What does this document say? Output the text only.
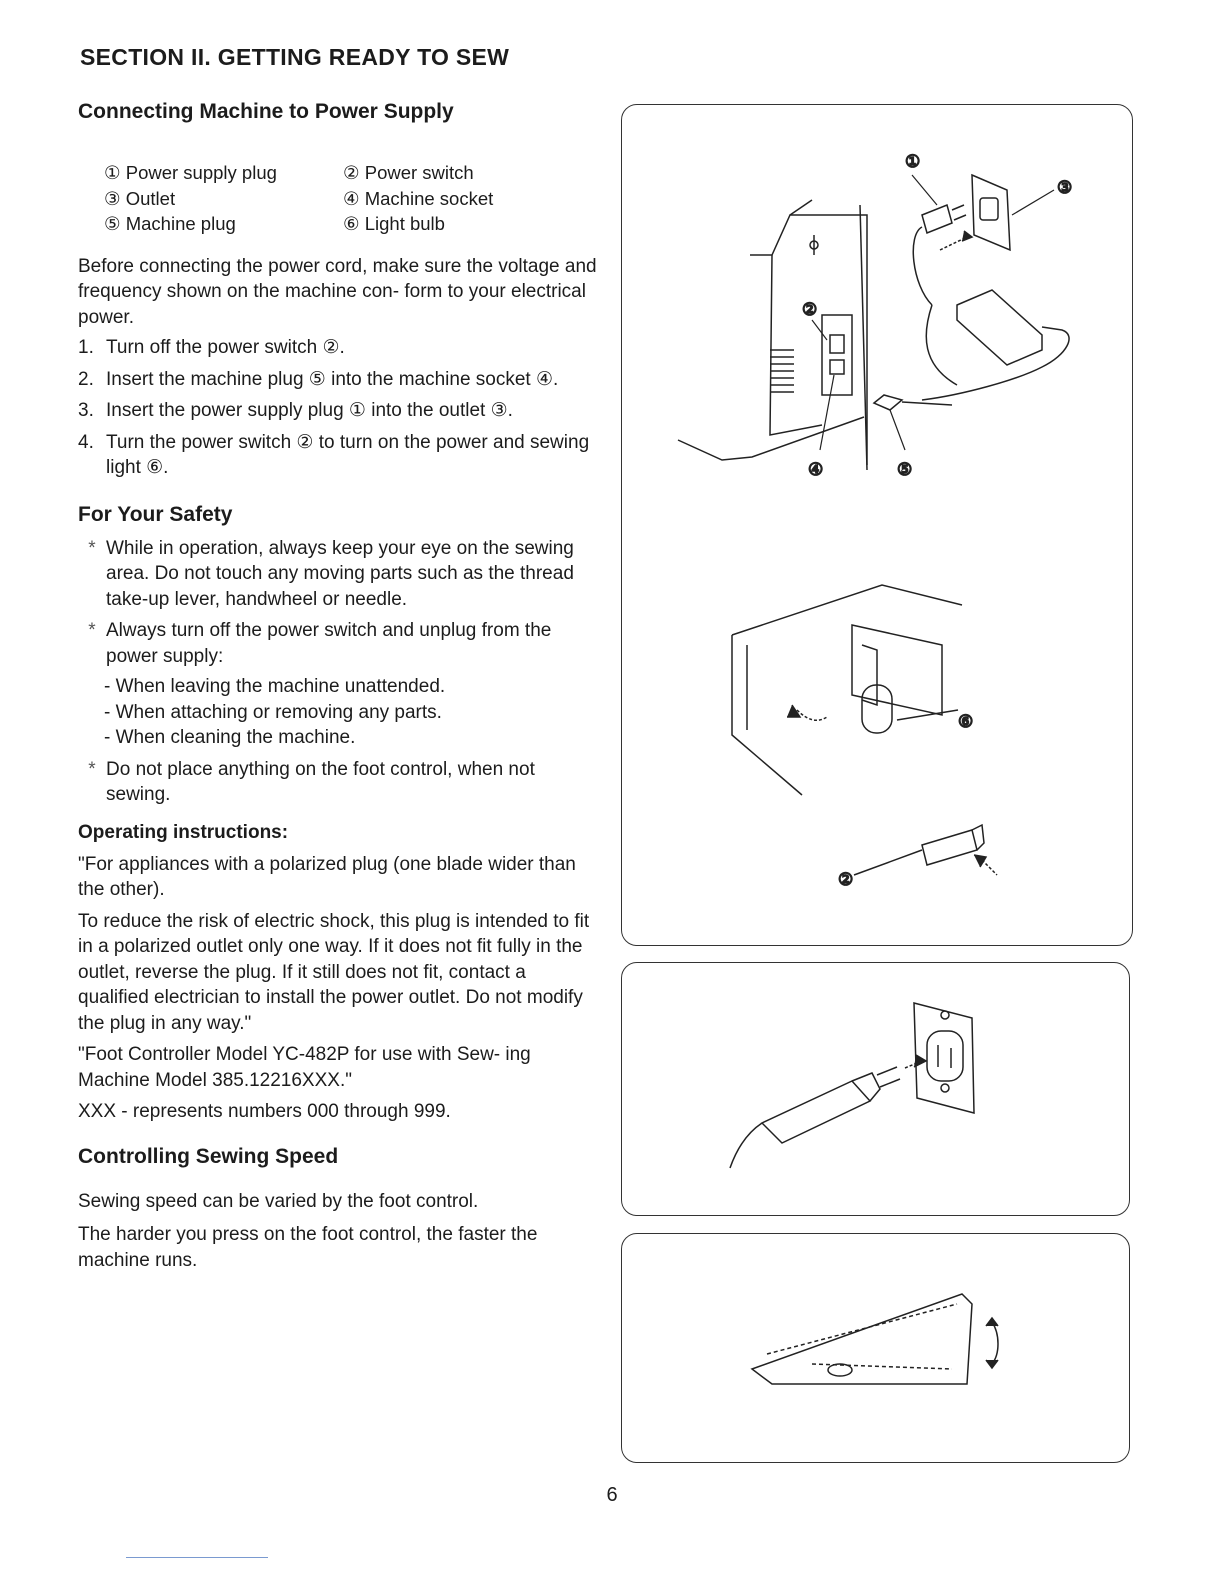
SECTION II. GETTING READY TO SEW
Connecting Machine to Power Supply
① Power supply plug	② Power switch
③ Outlet	④ Machine socket
⑤ Machine plug	⑥ Light bulb

Before connecting the power cord, make sure the voltage and frequency shown on the machine con- form to your electrical power.

1. Turn off the power switch ②.
2. Insert the machine plug ⑤ into the machine socket ④.
3. Insert the power supply plug ① into the outlet ③.
4. Turn the power switch ② to turn on the power and sewing light ⑥.
For Your Safety
* While in operation, always keep your eye on the sewing area. Do not touch any moving parts such as the thread take-up lever, handwheel or needle.
* Always turn off the power switch and unplug from the power supply:
- When leaving the machine unattended.
- When attaching or removing any parts.
- When cleaning the machine.
* Do not place anything on the foot control, when not sewing.
Operating instructions:

"For appliances with a polarized plug (one blade wider than the other).

To reduce the risk of electric shock, this plug is intended to fit in a polarized outlet only one way. If it does not fit fully in the outlet, reverse the plug. If it still does not fit, contact a qualified electrician to install the power outlet. Do not modify the plug in any way."

"Foot Controller Model YC-482P for use with Sew- ing Machine Model 385.12216XXX."

XXX - represents numbers 000 through 999.

Controlling Sewing Speed

Sewing speed can be varied by the foot control.

The harder you press on the foot control, the faster the machine runs.

①
③
②
④	⑤
⑥
②

6
